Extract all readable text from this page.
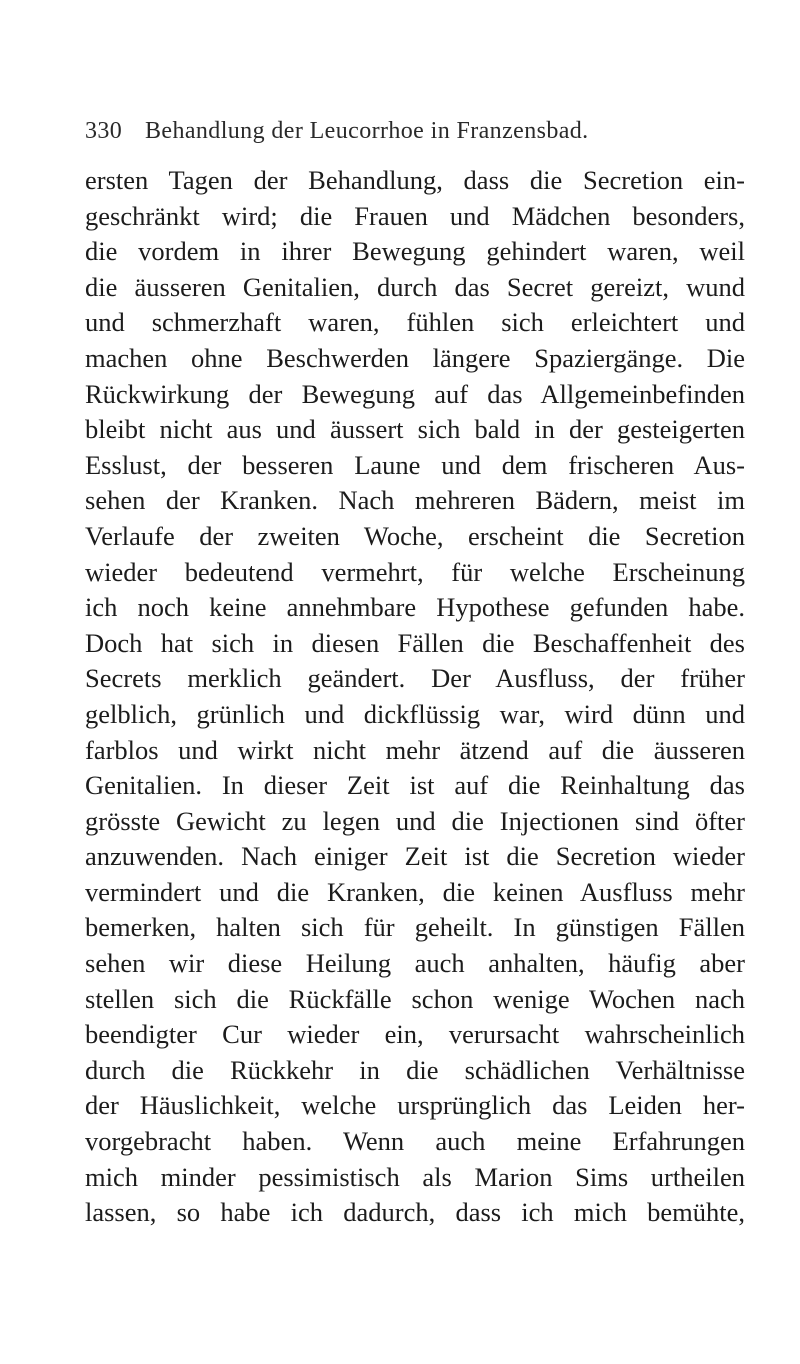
330 Behandlung der Leucorrhoe in Franzensbad.
ersten Tagen der Behandlung, dass die Secretion ein-
geschränkt wird; die Frauen und Mädchen besonders,
die vordem in ihrer Bewegung gehindert waren, weil
die äusseren Genitalien, durch das Secret gereizt, wund
und schmerzhaft waren, fühlen sich erleichtert und
machen ohne Beschwerden längere Spaziergänge. Die
Rückwirkung der Bewegung auf das Allgemeinbefinden
bleibt nicht aus und äussert sich bald in der gesteigerten
Esslust, der besseren Laune und dem frischeren Aus-
sehen der Kranken. Nach mehreren Bädern, meist im
Verlaufe der zweiten Woche, erscheint die Secretion
wieder bedeutend vermehrt, für welche Erscheinung
ich noch keine annehmbare Hypothese gefunden habe.
Doch hat sich in diesen Fällen die Beschaffenheit des
Secrets merklich geändert. Der Ausfluss, der früher
gelblich, grünlich und dickflüssig war, wird dünn und
farblos und wirkt nicht mehr ätzend auf die äusseren
Genitalien. In dieser Zeit ist auf die Reinhaltung das
grösste Gewicht zu legen und die Injectionen sind öfter
anzuwenden. Nach einiger Zeit ist die Secretion wieder
vermindert und die Kranken, die keinen Ausfluss mehr
bemerken, halten sich für geheilt. In günstigen Fällen
sehen wir diese Heilung auch anhalten, häufig aber
stellen sich die Rückfälle schon wenige Wochen nach
beendigter Cur wieder ein, verursacht wahrscheinlich
durch die Rückkehr in die schädlichen Verhältnisse
der Häuslichkeit, welche ursprünglich das Leiden her-
vorgebracht haben. Wenn auch meine Erfahrungen
mich minder pessimistisch als Marion Sims urtheilen
lassen, so habe ich dadurch, dass ich mich bemühte,
